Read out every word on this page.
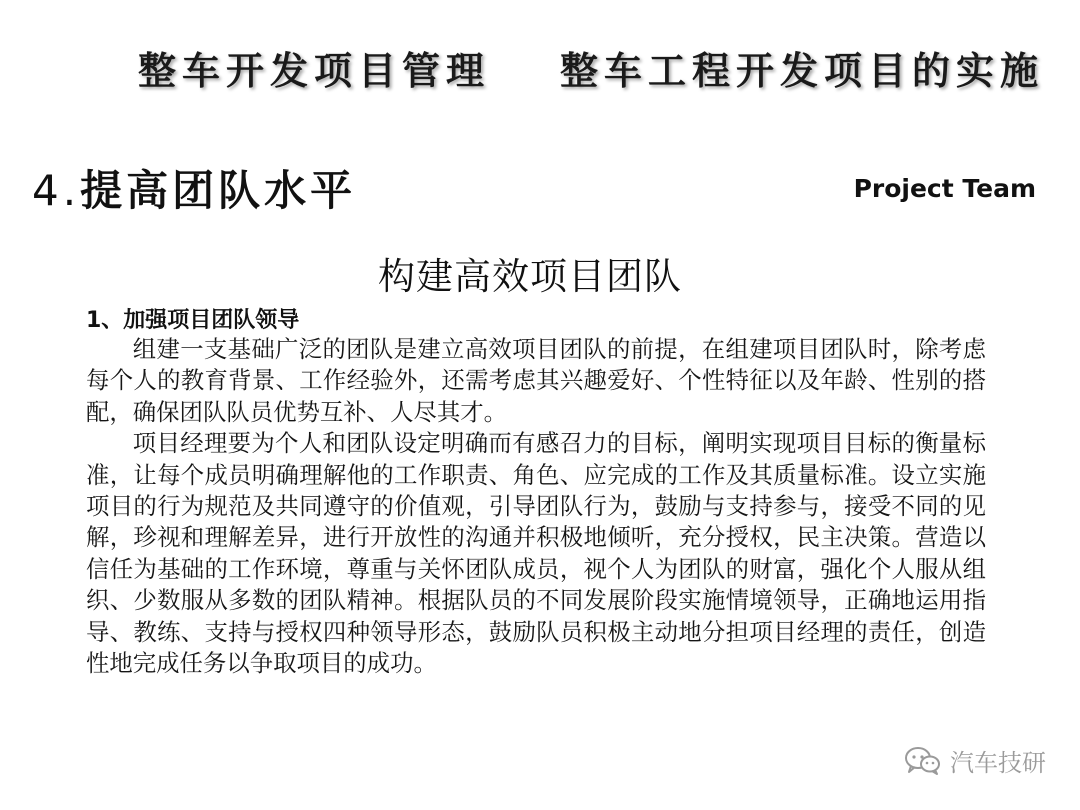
整车开发项目管理 整车工程开发项目的实施
4.提高团队水平	Project Team
构建高效项目团队
1、加强项目团队领导

组建一支基础广泛的团队是建立高效项目团队的前提，在组建项目团队时，除考虑每个人的教育背景、工作经验外，还需考虑其兴趣爱好、个性特征以及年龄、性别的搭配，确保团队队员优势互补、人尽其才。

项目经理要为个人和团队设定明确而有感召力的目标，阐明实现项目目标的衡量标准，让每个成员明确理解他的工作职责、角色、应完成的工作及其质量标准。设立实施项目的行为规范及共同遵守的价值观，引导团队行为，鼓励与支持参与，接受不同的见解，珍视和理解差异，进行开放性的沟通并积极地倾听，充分授权，民主决策。营造以信任为基础的工作环境，尊重与关怀团队成员，视个人为团队的财富，强化个人服从组织、少数服从多数的团队精神。根据队员的不同发展阶段实施情境领导，正确地运用指导、教练、支持与授权四种领导形态，鼓励队员积极主动地分担项目经理的责任，创造性地完成任务以争取项目的成功。

汽车技研
